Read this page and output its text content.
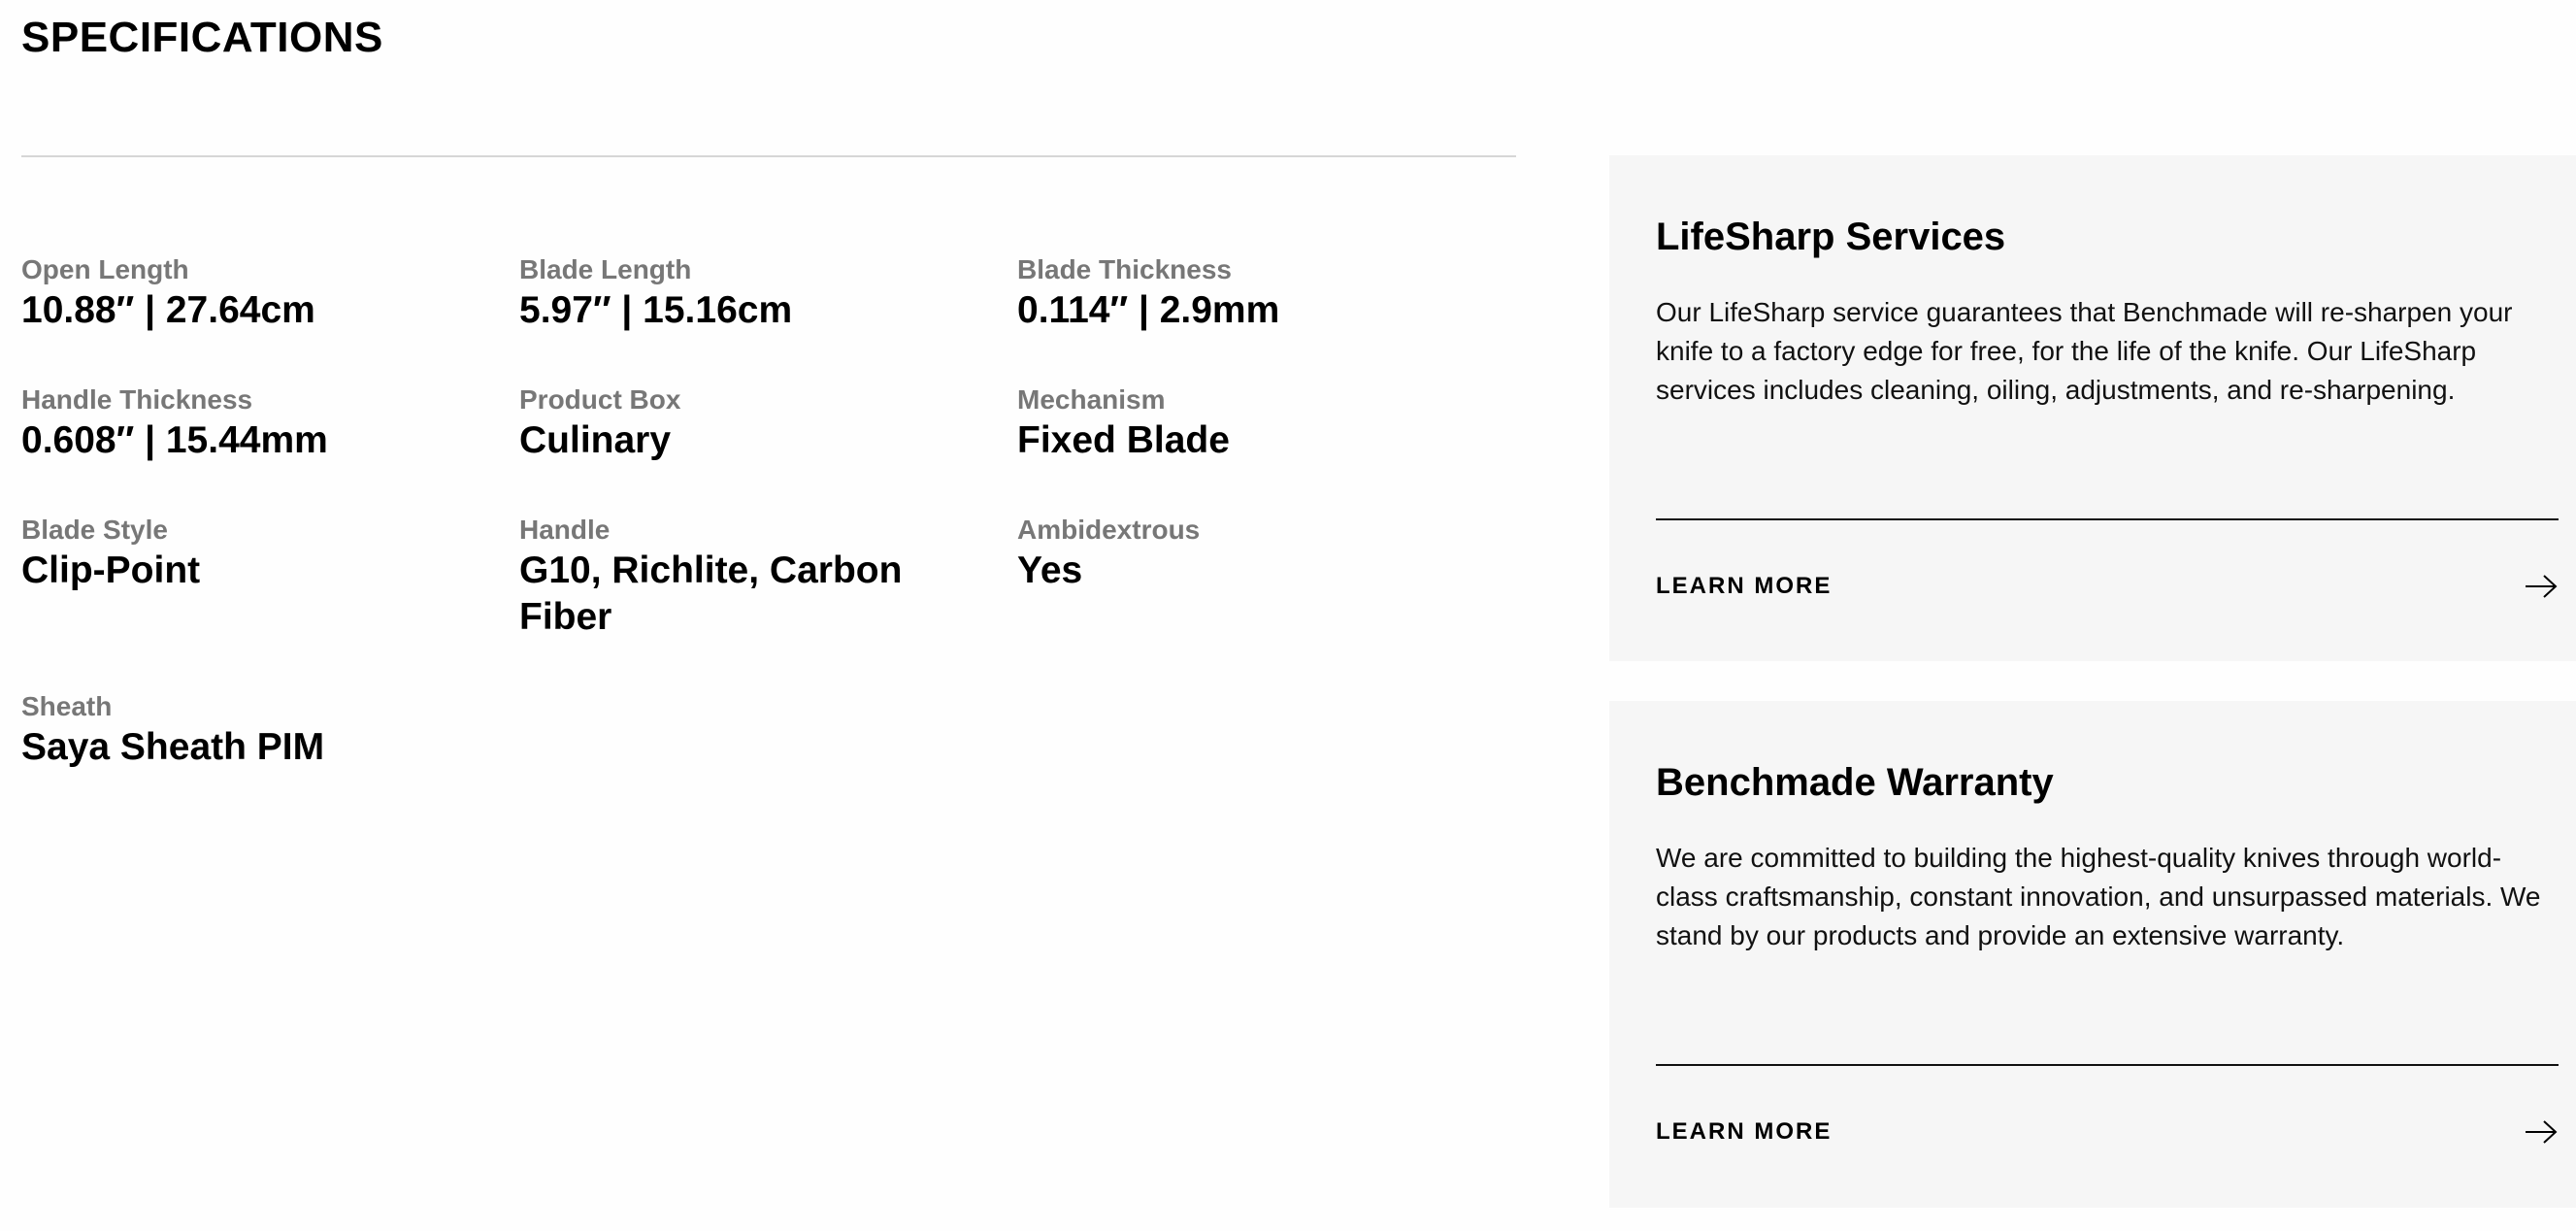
SPECIFICATIONS
Open Length
10.88″ | 27.64cm
Blade Length
5.97″ | 15.16cm
Blade Thickness
0.114″ | 2.9mm
Handle Thickness
0.608″ | 15.44mm
Product Box
Culinary
Mechanism
Fixed Blade
Blade Style
Clip-Point
Handle
G10, Richlite, Carbon Fiber
Ambidextrous
Yes
Sheath
Saya Sheath PIM
LifeSharp Services

Our LifeSharp service guarantees that Benchmade will re-sharpen your knife to a factory edge for free, for the life of the knife. Our LifeSharp services includes cleaning, oiling, adjustments, and re-sharpening.

LEARN MORE
Benchmade Warranty

We are committed to building the highest-quality knives through world-class craftsmanship, constant innovation, and unsurpassed materials. We stand by our products and provide an extensive warranty.

LEARN MORE
